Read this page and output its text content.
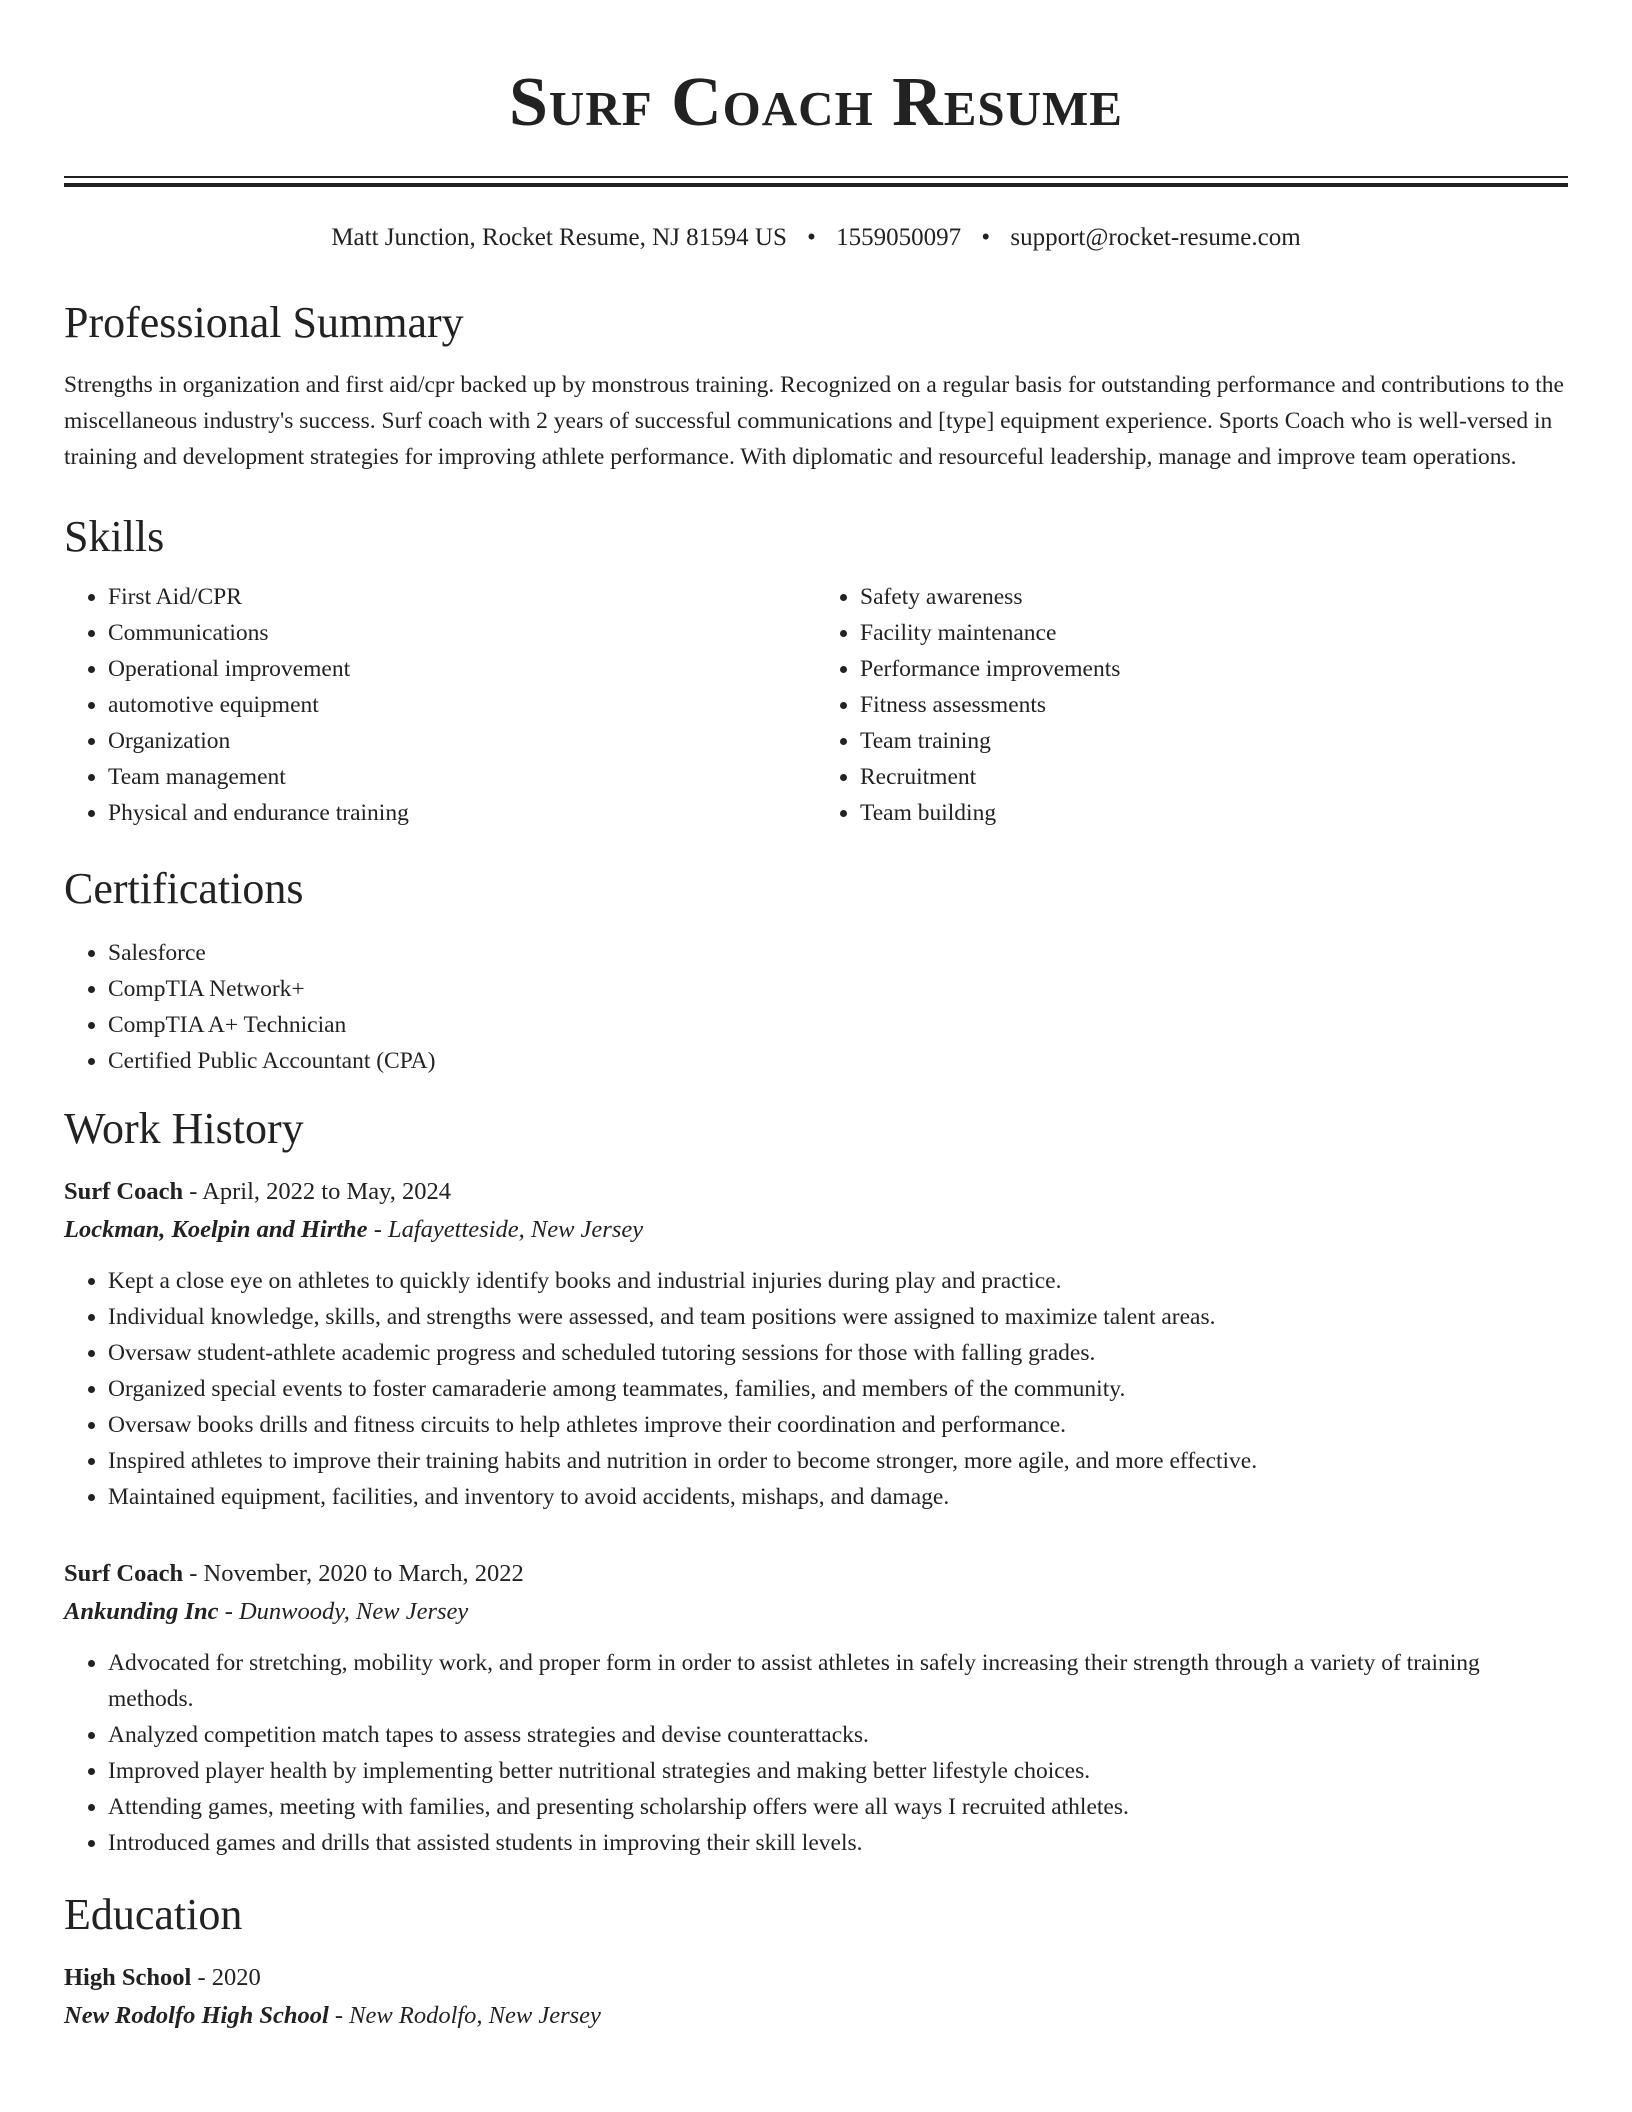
Surf Coach Resume
Matt Junction, Rocket Resume, NJ 81594 US • 1559050097 • support@rocket-resume.com
Professional Summary
Strengths in organization and first aid/cpr backed up by monstrous training. Recognized on a regular basis for outstanding performance and contributions to the miscellaneous industry's success. Surf coach with 2 years of successful communications and [type] equipment experience. Sports Coach who is well-versed in training and development strategies for improving athlete performance. With diplomatic and resourceful leadership, manage and improve team operations.
Skills
• First Aid/CPR
• Communications
• Operational improvement
• automotive equipment
• Organization
• Team management
• Physical and endurance training
• Safety awareness
• Facility maintenance
• Performance improvements
• Fitness assessments
• Team training
• Recruitment
• Team building
Certifications
• Salesforce
• CompTIA Network+
• CompTIA A+ Technician
• Certified Public Accountant (CPA)
Work History
Surf Coach - April, 2022 to May, 2024
Lockman, Koelpin and Hirthe - Lafayetteside, New Jersey
• Kept a close eye on athletes to quickly identify books and industrial injuries during play and practice.
• Individual knowledge, skills, and strengths were assessed, and team positions were assigned to maximize talent areas.
• Oversaw student-athlete academic progress and scheduled tutoring sessions for those with falling grades.
• Organized special events to foster camaraderie among teammates, families, and members of the community.
• Oversaw books drills and fitness circuits to help athletes improve their coordination and performance.
• Inspired athletes to improve their training habits and nutrition in order to become stronger, more agile, and more effective.
• Maintained equipment, facilities, and inventory to avoid accidents, mishaps, and damage.
Surf Coach - November, 2020 to March, 2022
Ankunding Inc - Dunwoody, New Jersey
• Advocated for stretching, mobility work, and proper form in order to assist athletes in safely increasing their strength through a variety of training methods.
• Analyzed competition match tapes to assess strategies and devise counterattacks.
• Improved player health by implementing better nutritional strategies and making better lifestyle choices.
• Attending games, meeting with families, and presenting scholarship offers were all ways I recruited athletes.
• Introduced games and drills that assisted students in improving their skill levels.
Education
High School - 2020
New Rodolfo High School - New Rodolfo, New Jersey
